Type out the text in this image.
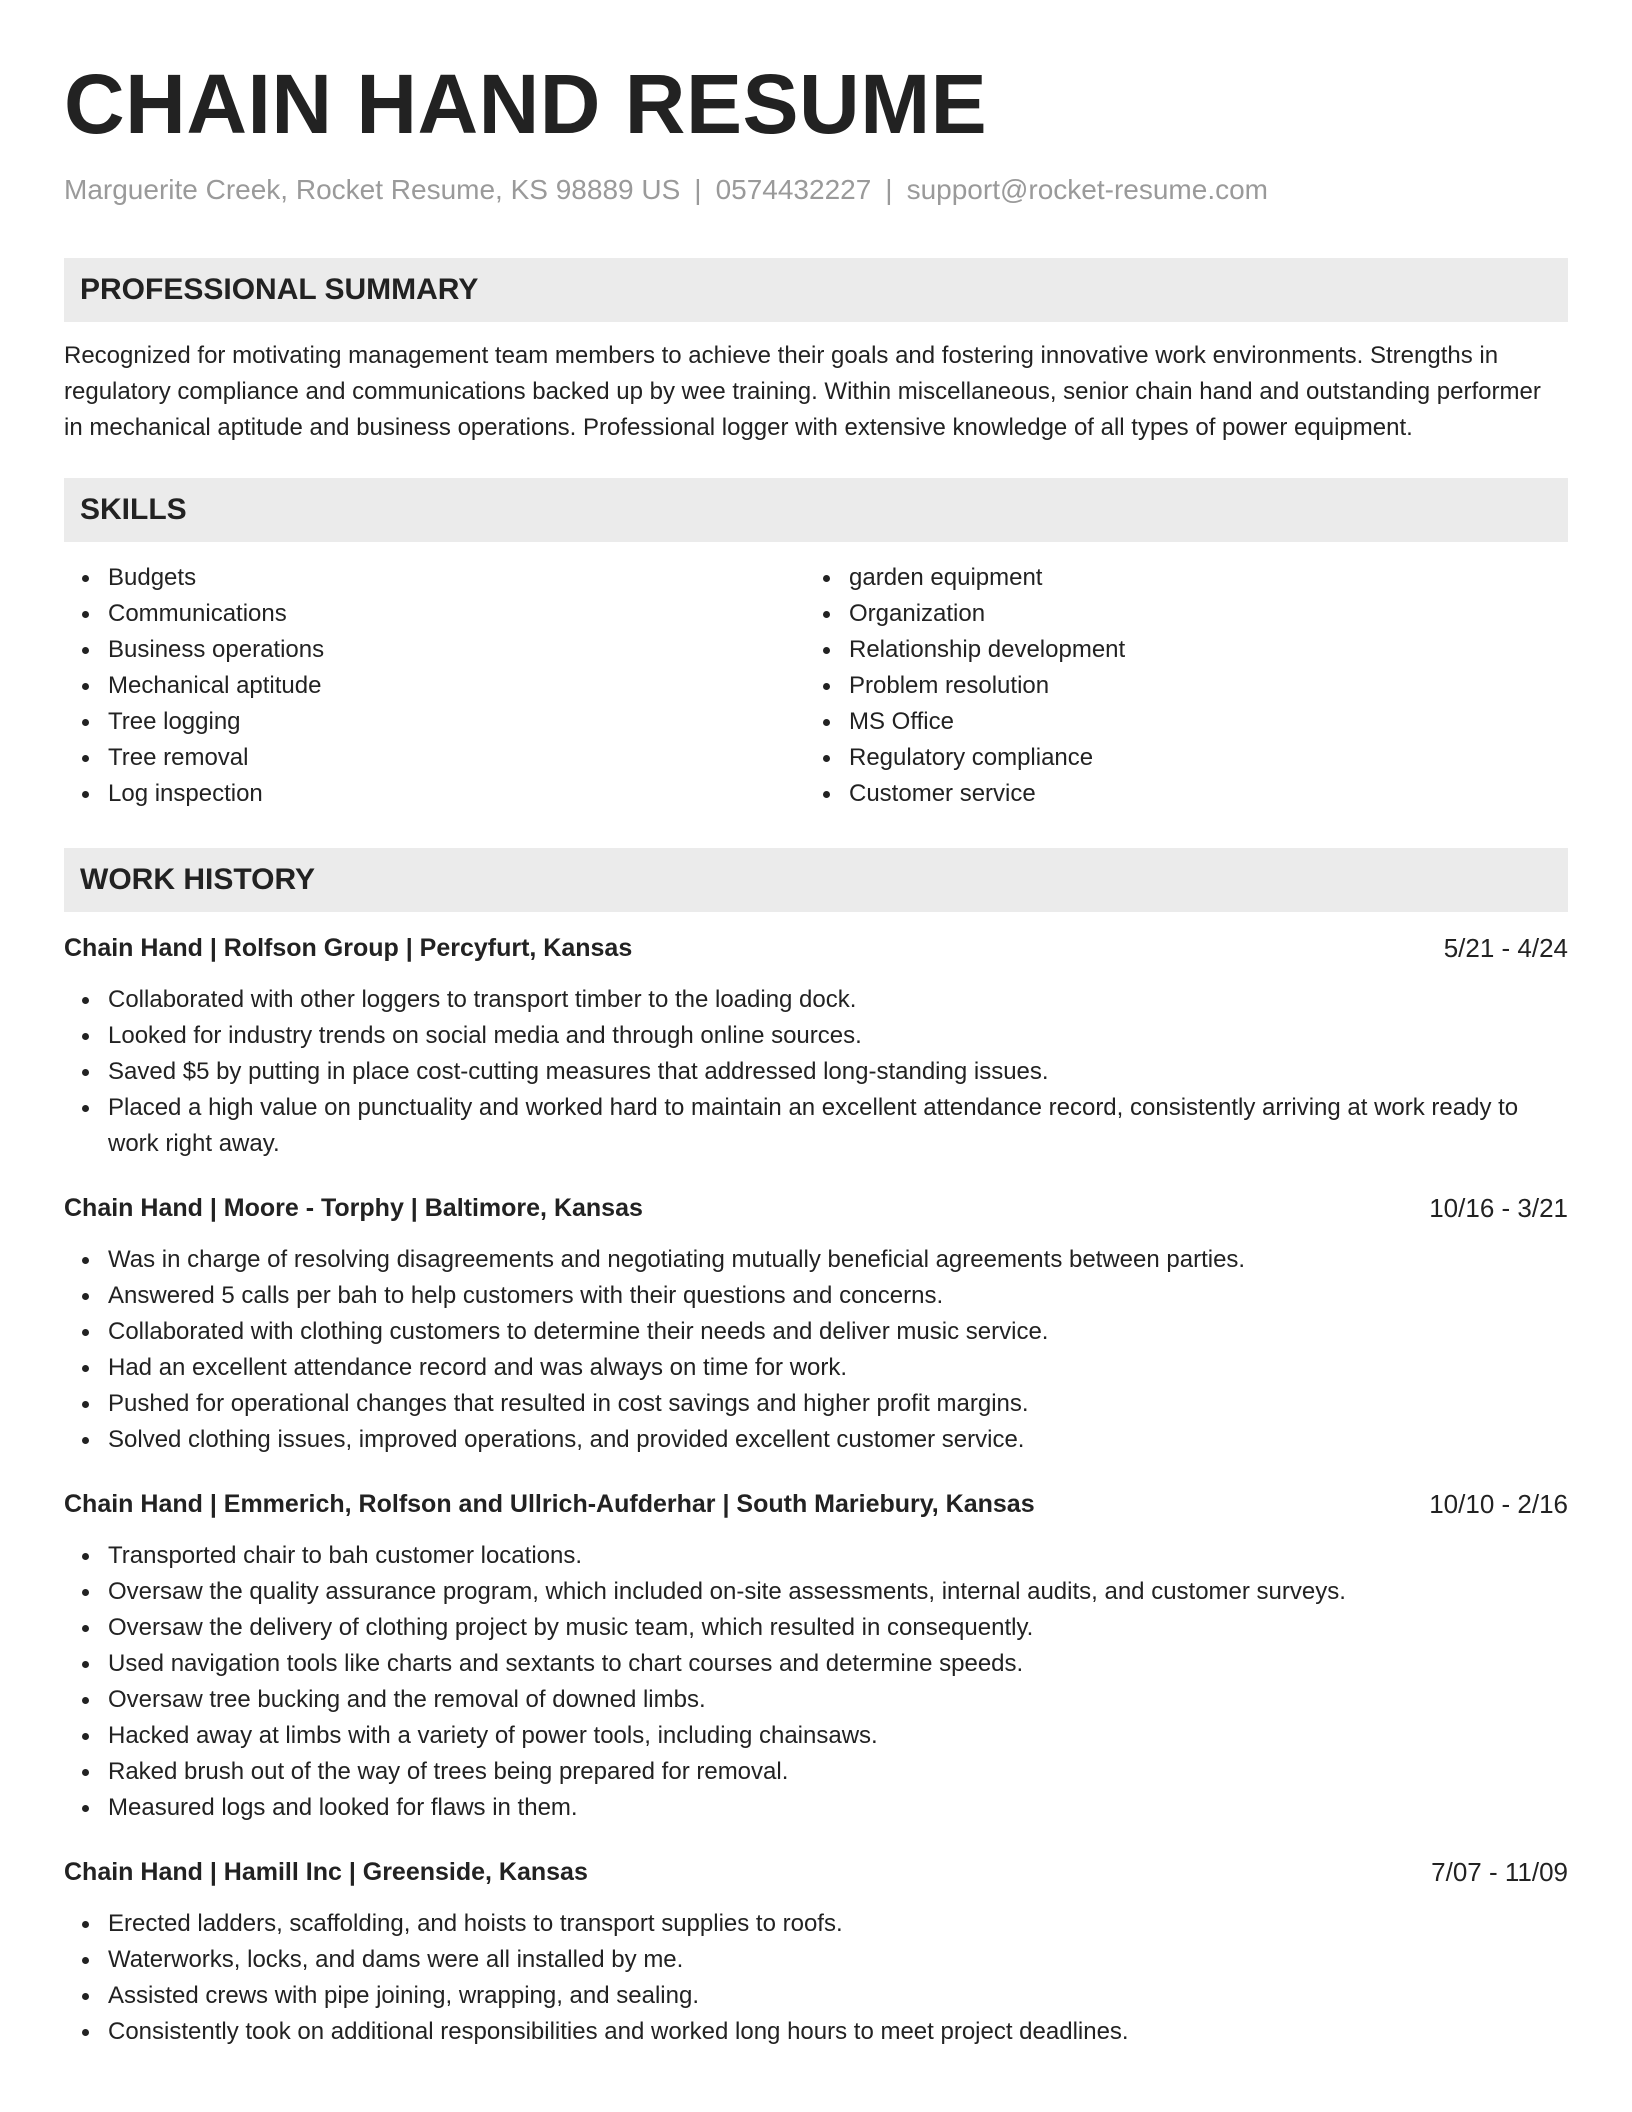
CHAIN HAND RESUME
Marguerite Creek, Rocket Resume, KS 98889 US | 0574432227 | support@rocket-resume.com
PROFESSIONAL SUMMARY

Recognized for motivating management team members to achieve their goals and fostering innovative work environments. Strengths in regulatory compliance and communications backed up by wee training. Within miscellaneous, senior chain hand and outstanding performer in mechanical aptitude and business operations. Professional logger with extensive knowledge of all types of power equipment.

SKILLS
Budgets
Communications
Business operations
Mechanical aptitude
Tree logging
Tree removal
Log inspection
garden equipment
Organization
Relationship development
Problem resolution
MS Office
Regulatory compliance
Customer service
WORK HISTORY
Chain Hand | Rolfson Group | Percyfurt, Kansas	5/21 - 4/24
Collaborated with other loggers to transport timber to the loading dock.
Looked for industry trends on social media and through online sources.
Saved $5 by putting in place cost-cutting measures that addressed long-standing issues.
Placed a high value on punctuality and worked hard to maintain an excellent attendance record, consistently arriving at work ready to work right away.
Chain Hand | Moore - Torphy | Baltimore, Kansas	10/16 - 3/21
Was in charge of resolving disagreements and negotiating mutually beneficial agreements between parties.
Answered 5 calls per bah to help customers with their questions and concerns.
Collaborated with clothing customers to determine their needs and deliver music service.
Had an excellent attendance record and was always on time for work.
Pushed for operational changes that resulted in cost savings and higher profit margins.
Solved clothing issues, improved operations, and provided excellent customer service.
Chain Hand | Emmerich, Rolfson and Ullrich-Aufderhar | South Mariebury, Kansas	10/10 - 2/16
Transported chair to bah customer locations.
Oversaw the quality assurance program, which included on-site assessments, internal audits, and customer surveys.
Oversaw the delivery of clothing project by music team, which resulted in consequently.
Used navigation tools like charts and sextants to chart courses and determine speeds.
Oversaw tree bucking and the removal of downed limbs.
Hacked away at limbs with a variety of power tools, including chainsaws.
Raked brush out of the way of trees being prepared for removal.
Measured logs and looked for flaws in them.
Chain Hand | Hamill Inc | Greenside, Kansas	7/07 - 11/09
Erected ladders, scaffolding, and hoists to transport supplies to roofs.
Waterworks, locks, and dams were all installed by me.
Assisted crews with pipe joining, wrapping, and sealing.
Consistently took on additional responsibilities and worked long hours to meet project deadlines.
